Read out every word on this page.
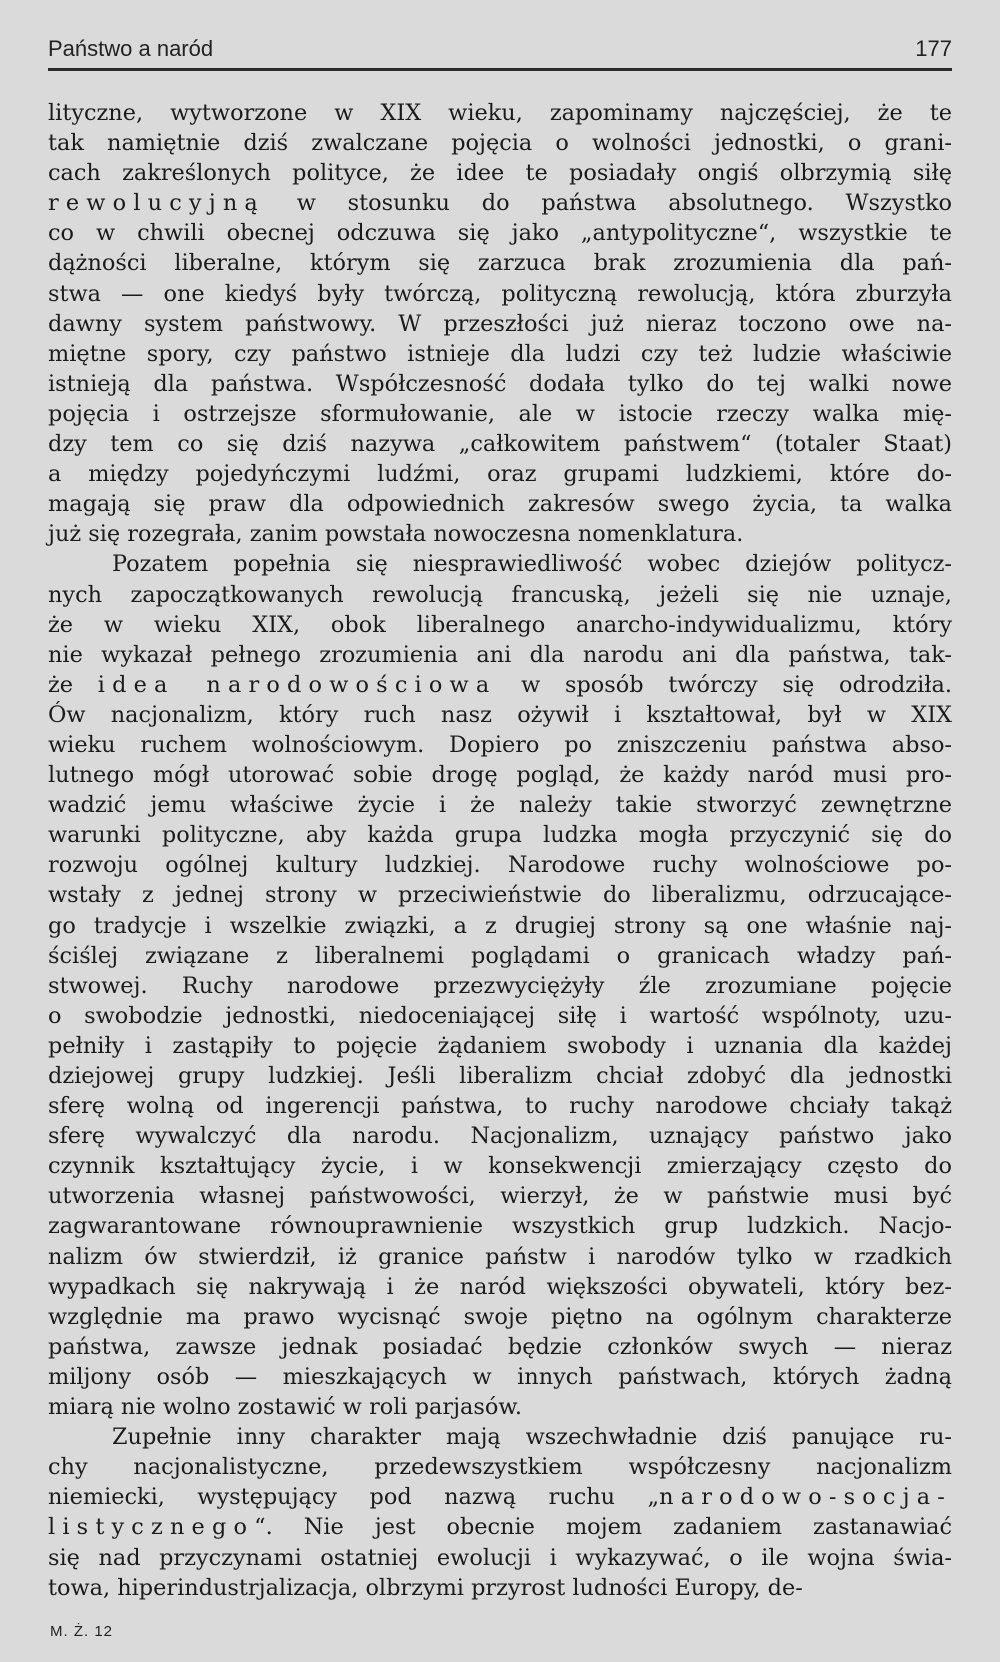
Państwo a naród	177
lityczne, wytworzone w XIX wieku, zapominamy najczęściej, że te
tak namiętnie dziś zwalczane pojęcia o wolności jednostki, o grani-
cach zakreślonych polityce, że idee te posiadały ongiś olbrzymią siłę
rewolucyjną w stosunku do państwa absolutnego. Wszystko
co w chwili obecnej odczuwa się jako „antypolityczne“, wszystkie te
dążności liberalne, którym się zarzuca brak zrozumienia dla pań-
stwa — one kiedyś były twórczą, polityczną rewolucją, która zburzyła
dawny system państwowy. W przeszłości już nieraz toczono owe na-
miętne spory, czy państwo istnieje dla ludzi czy też ludzie właściwie
istnieją dla państwa. Współczesność dodała tylko do tej walki nowe
pojęcia i ostrzejsze sformułowanie, ale w istocie rzeczy walka mię-
dzy tem co się dziś nazywa „całkowitem państwem“ (totaler Staat)
a między pojedyńczymi ludźmi, oraz grupami ludzkiemi, które do-
magają się praw dla odpowiednich zakresów swego życia, ta walka
już się rozegrała, zanim powstała nowoczesna nomenklatura.
Pozatem popełnia się niesprawiedliwość wobec dziejów politycz-
nych zapoczątkowanych rewolucją francuską, jeżeli się nie uznaje,
że w wieku XIX, obok liberalnego anarcho-indywidualizmu, który
nie wykazał pełnego zrozumienia ani dla narodu ani dla państwa, tak-
że idea narodowościowa w sposób twórczy się odrodziła.
Ów nacjonalizm, który ruch nasz ożywił i kształtował, był w XIX
wieku ruchem wolnościowym. Dopiero po zniszczeniu państwa abso-
lutnego mógł utorować sobie drogę pogląd, że każdy naród musi pro-
wadzić jemu właściwe życie i że należy takie stworzyć zewnętrzne
warunki polityczne, aby każda grupa ludzka mogła przyczynić się do
rozwoju ogólnej kultury ludzkiej. Narodowe ruchy wolnościowe po-
wstały z jednej strony w przeciwieństwie do liberalizmu, odrzucające-
go tradycje i wszelkie związki, a z drugiej strony są one właśnie naj-
ściślej związane z liberalnemi poglądami o granicach władzy pań-
stwowej. Ruchy narodowe przezwyciężyły źle zrozumiane pojęcie
o swobodzie jednostki, niedoceniającej siłę i wartość wspólnoty, uzu-
pełniły i zastąpiły to pojęcie żądaniem swobody i uznania dla każdej
dziejowej grupy ludzkiej. Jeśli liberalizm chciał zdobyć dla jednostki
sferę wolną od ingerencji państwa, to ruchy narodowe chciały takąż
sferę wywalczyć dla narodu. Nacjonalizm, uznający państwo jako
czynnik kształtujący życie, i w konsekwencji zmierzający często do
utworzenia własnej państwowości, wierzył, że w państwie musi być
zagwarantowane równouprawnienie wszystkich grup ludzkich. Nacjo-
nalizm ów stwierdził, iż granice państw i narodów tylko w rzadkich
wypadkach się nakrywają i że naród większości obywateli, który bez-
względnie ma prawo wycisnąć swoje piętno na ogólnym charakterze
państwa, zawsze jednak posiadać będzie członków swych — nieraz
miljony osób — mieszkających w innych państwach, których żadną
miarą nie wolno zostawić w roli parjasów.
Zupełnie inny charakter mają wszechwładnie dziś panujące ru-
chy nacjonalistyczne, przedewszystkiem współczesny nacjonalizm
niemiecki, występujący pod nazwą ruchu „narodowo-socja-
listycznego“. Nie jest obecnie mojem zadaniem zastanawiać
się nad przyczynami ostatniej ewolucji i wykazywać, o ile wojna świa-
towa, hiperindustrjalizacja, olbrzymi przyrost ludności Europy, de-
M. Ż. 12
